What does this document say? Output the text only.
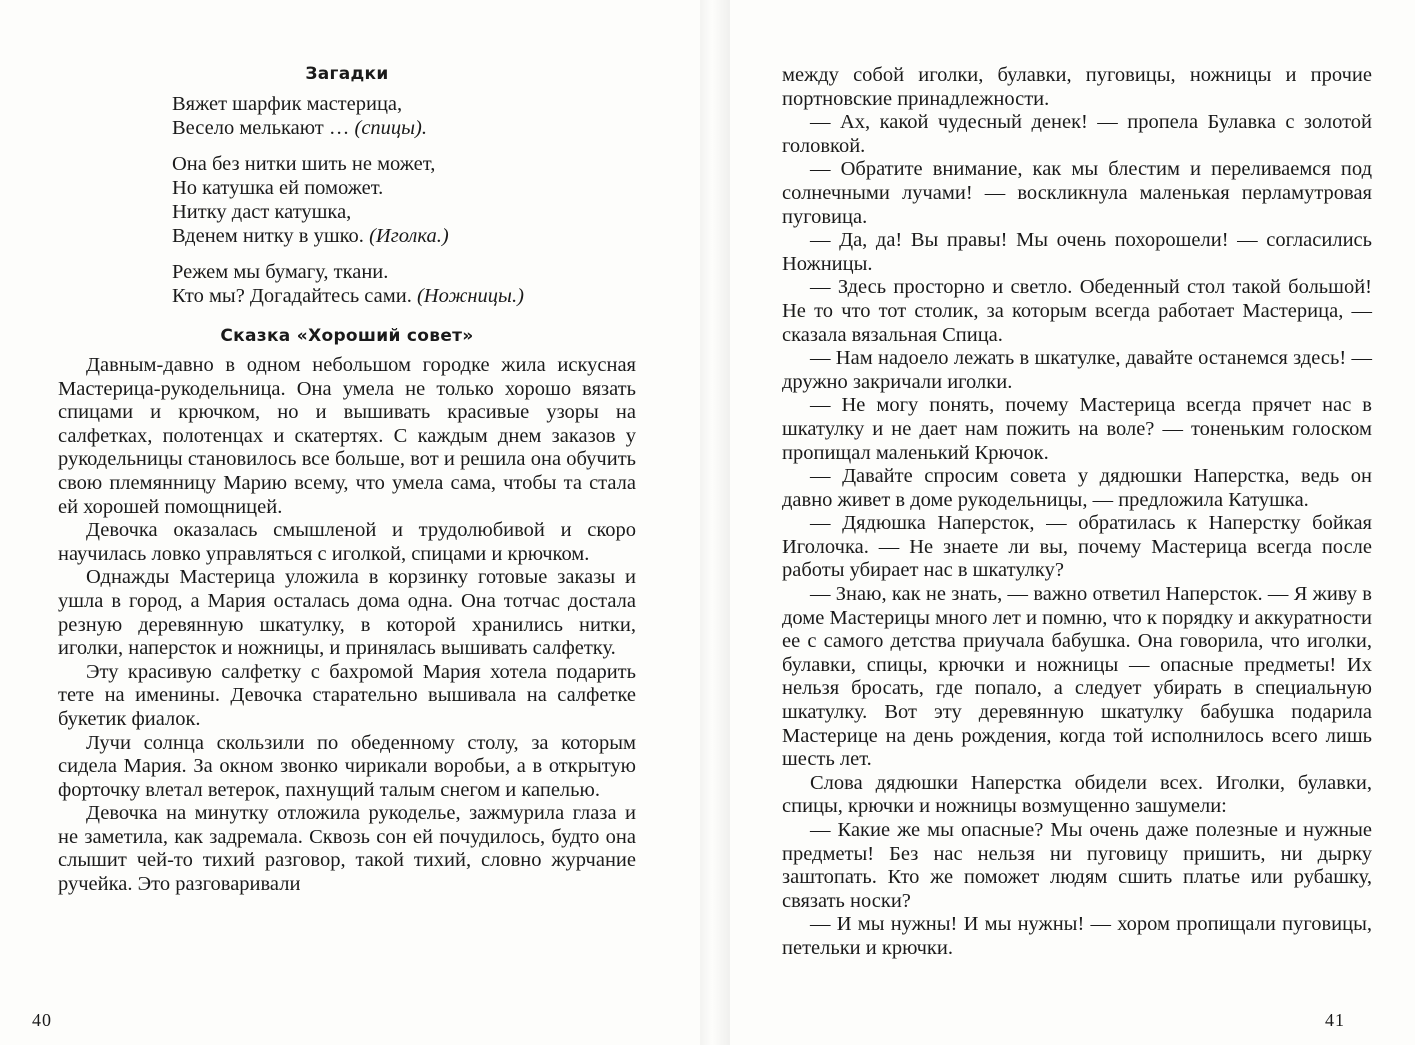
Загадки
Вяжет шарфик мастерица,
Весело мелькают … (спицы).
Она без нитки шить не может,
Но катушка ей поможет.
Нитку даст катушка,
Вденем нитку в ушко. (Иголка.)
Режем мы бумагу, ткани.
Кто мы? Догадайтесь сами. (Ножницы.)
Сказка «Хороший совет»

Давным-давно в одном небольшом городке жила искусная Мастерица-рукодельница. Она умела не только хорошо вязать спицами и крючком, но и вышивать красивые узоры на салфетках, полотенцах и скатертях. С каждым днем заказов у рукодельницы становилось все больше, вот и решила она обучить свою племянницу Марию всему, что умела сама, чтобы та стала ей хорошей помощницей.

Девочка оказалась смышленой и трудолюбивой и скоро научилась ловко управляться с иголкой, спицами и крючком.

Однажды Мастерица уложила в корзинку готовые заказы и ушла в город, а Мария осталась дома одна. Она тотчас достала резную деревянную шкатулку, в которой хранились нитки, иголки, наперсток и ножницы, и принялась вышивать салфетку.

Эту красивую салфетку с бахромой Мария хотела подарить тете на именины. Девочка старательно вышивала на салфетке букетик фиалок.

Лучи солнца скользили по обеденному столу, за которым сидела Мария. За окном звонко чирикали воробьи, а в открытую форточку влетал ветерок, пахнущий талым снегом и капелью.

Девочка на минутку отложила рукоделье, зажмурила глаза и не заметила, как задремала. Сквозь сон ей почудилось, будто она слышит чей-то тихий разговор, такой тихий, словно журчание ручейка. Это разговаривали

40

между собой иголки, булавки, пуговицы, ножницы и прочие портновские принадлежности.

— Ах, какой чудесный денек! — пропела Булавка с золотой головкой.

— Обратите внимание, как мы блестим и переливаемся под солнечными лучами! — воскликнула маленькая перламутровая пуговица.

— Да, да! Вы правы! Мы очень похорошели! — согласились Ножницы.

— Здесь просторно и светло. Обеденный стол такой большой! Не то что тот столик, за которым всегда работает Мастерица, — сказала вязальная Спица.

— Нам надоело лежать в шкатулке, давайте останемся здесь! — дружно закричали иголки.

— Не могу понять, почему Мастерица всегда прячет нас в шкатулку и не дает нам пожить на воле? — тоненьким голоском пропищал маленький Крючок.

— Давайте спросим совета у дядюшки Наперстка, ведь он давно живет в доме рукодельницы, — предложила Катушка.

— Дядюшка Наперсток, — обратилась к Наперстку бойкая Иголочка. — Не знаете ли вы, почему Мастерица всегда после работы убирает нас в шкатулку?

— Знаю, как не знать, — важно ответил Наперсток. — Я живу в доме Мастерицы много лет и помню, что к порядку и аккуратности ее с самого детства приучала бабушка. Она говорила, что иголки, булавки, спицы, крючки и ножницы — опасные предметы! Их нельзя бросать, где попало, а следует убирать в специальную шкатулку. Вот эту деревянную шкатулку бабушка подарила Мастерице на день рождения, когда той исполнилось всего лишь шесть лет.

Слова дядюшки Наперстка обидели всех. Иголки, булавки, спицы, крючки и ножницы возмущенно зашумели:

— Какие же мы опасные? Мы очень даже полезные и нужные предметы! Без нас нельзя ни пуговицу пришить, ни дырку заштопать. Кто же поможет людям сшить платье или рубашку, связать носки?

— И мы нужны! И мы нужны! — хором пропищали пуговицы, петельки и крючки.

41
